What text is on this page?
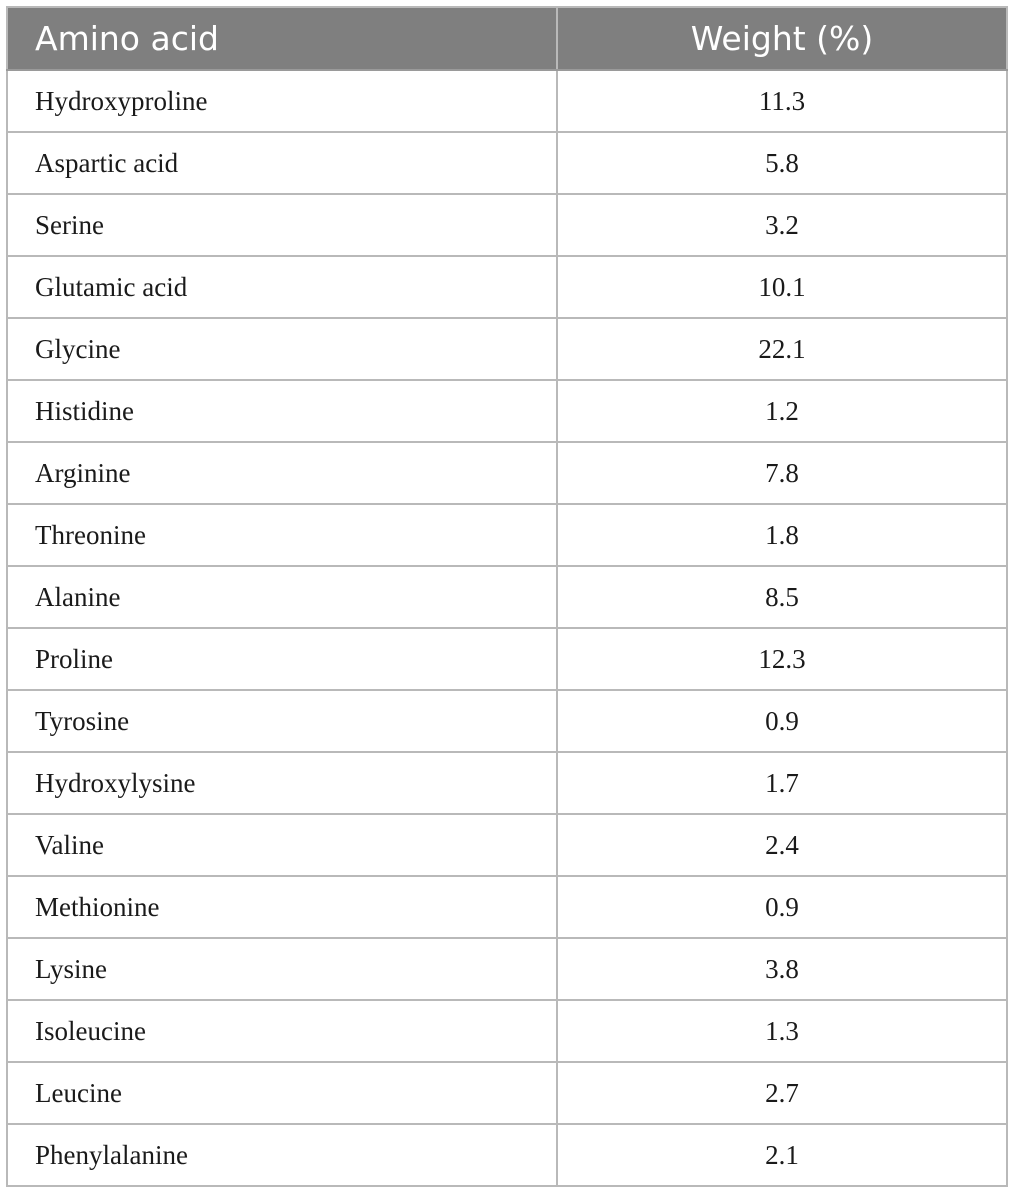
Amino acid	Weight (%)
Hydroxyproline	11.3
Aspartic acid	5.8
Serine	3.2
Glutamic acid	10.1
Glycine	22.1
Histidine	1.2
Arginine	7.8
Threonine	1.8
Alanine	8.5
Proline	12.3
Tyrosine	0.9
Hydroxylysine	1.7
Valine	2.4
Methionine	0.9
Lysine	3.8
Isoleucine	1.3
Leucine	2.7
Phenylalanine	2.1
